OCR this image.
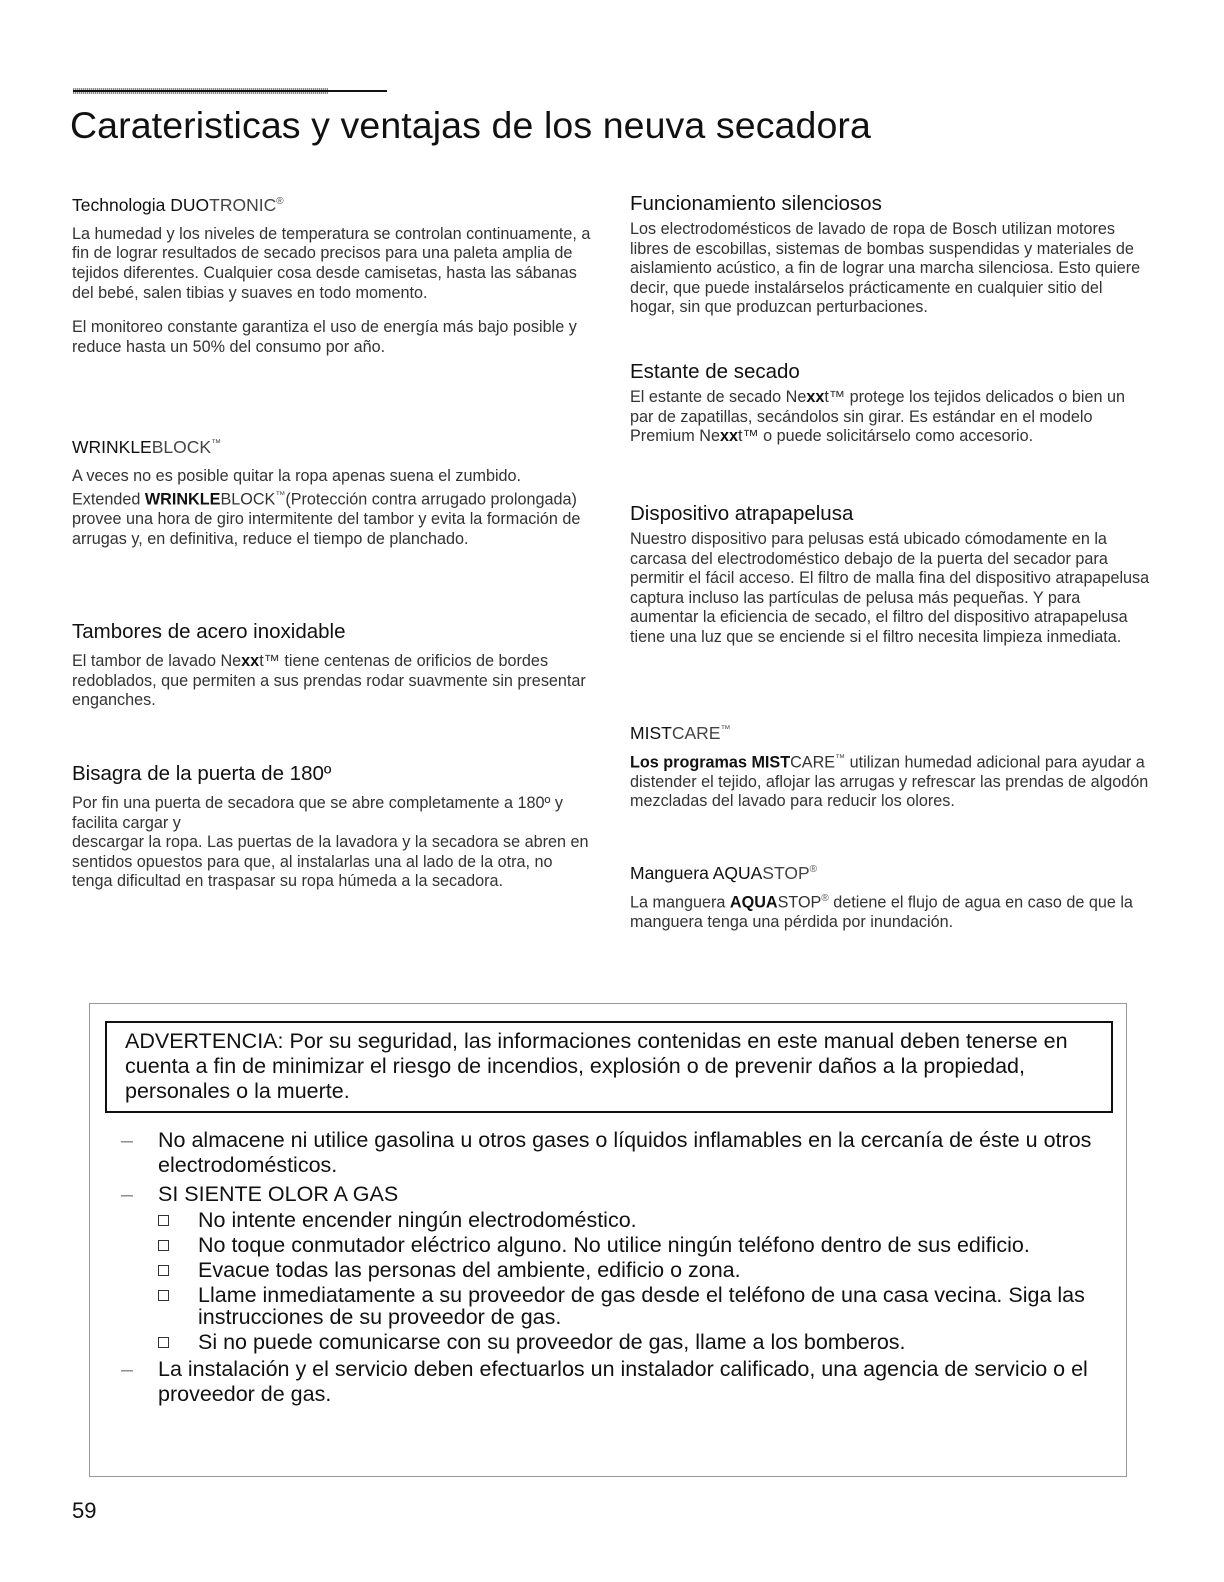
Carateristicas y ventajas de los neuva secadora
Technologia DUOTRONIC®

La humedad y los niveles de temperatura se controlan continuamente, a fin de lograr resultados de secado precisos para una paleta amplia de tejidos diferentes. Cualquier cosa desde camisetas, hasta las sábanas del bebé, salen tibias y suaves en todo momento.

El monitoreo constante garantiza el uso de energía más bajo posible y reduce hasta un 50% del consumo por año.

WRINKLEBLOCK™

A veces no es posible quitar la ropa apenas suena el zumbido. Extended WRINKLEBLOCK™(Protección contra arrugado prolongada) provee una hora de giro intermitente del tambor y evita la formación de arrugas y, en definitiva, reduce el tiempo de planchado.

Tambores de acero inoxidable

El tambor de lavado Nexxt™ tiene centenas de orificios de bordes redoblados, que permiten a sus prendas rodar suavmente sin presentar enganches.

Bisagra de la puerta de 180º

Por fin una puerta de secadora que se abre completamente a 180º y facilita cargar y
descargar la ropa. Las puertas de la lavadora y la secadora se abren en sentidos opuestos para que, al instalarlas una al lado de la otra, no tenga dificultad en traspasar su ropa húmeda a la secadora.

Funcionamiento silenciosos

Los electrodomésticos de lavado de ropa de Bosch utilizan motores libres de escobillas, sistemas de bombas suspendidas y materiales de aislamiento acústico, a fin de lograr una marcha silenciosa. Esto quiere decir, que puede instalárselos prácticamente en cualquier sitio del hogar, sin que produzcan perturbaciones.

Estante de secado

El estante de secado Nexxt™ protege los tejidos delicados o bien un par de zapatillas, secándolos sin girar. Es estándar en el modelo Premium Nexxt™ o puede solicitárselo como accesorio.

Dispositivo atrapapelusa

Nuestro dispositivo para pelusas está ubicado cómodamente en la carcasa del electrodoméstico debajo de la puerta del secador para permitir el fácil acceso. El filtro de malla fina del dispositivo atrapapelusa captura incluso las partículas de pelusa más pequeñas. Y para aumentar la eficiencia de secado, el filtro del dispositivo atrapapelusa tiene una luz que se enciende si el filtro necesita limpieza inmediata.

MISTCARE™

Los programas MISTCARE™ utilizan humedad adicional para ayudar a distender el tejido, aflojar las arrugas y refrescar las prendas de algodón mezcladas del lavado para reducir los olores.

Manguera AQUASTOP®

La manguera AQUASTOP® detiene el flujo de agua en caso de que la manguera tenga una pérdida por inundación.

ADVERTENCIA: Por su seguridad, las informaciones contenidas en este manual deben tenerse en cuenta a fin de minimizar el riesgo de incendios, explosión o de prevenir daños a la propiedad, personales o la muerte.
– No almacene ni utilice gasolina u otros gases o líquidos inflamables en la cercanía de éste u otros electrodomésticos.
– SI SIENTE OLOR A GAS
No intente encender ningún electrodoméstico.
No toque conmutador eléctrico alguno. No utilice ningún teléfono dentro de sus edificio.
Evacue todas las personas del ambiente, edificio o zona.
Llame inmediatamente a su proveedor de gas desde el teléfono de una casa vecina. Siga las instrucciones de su proveedor de gas.
Si no puede comunicarse con su proveedor de gas, llame a los bomberos.
– La instalación y el servicio deben efectuarlos un instalador calificado, una agencia de servicio o el proveedor de gas.
59
